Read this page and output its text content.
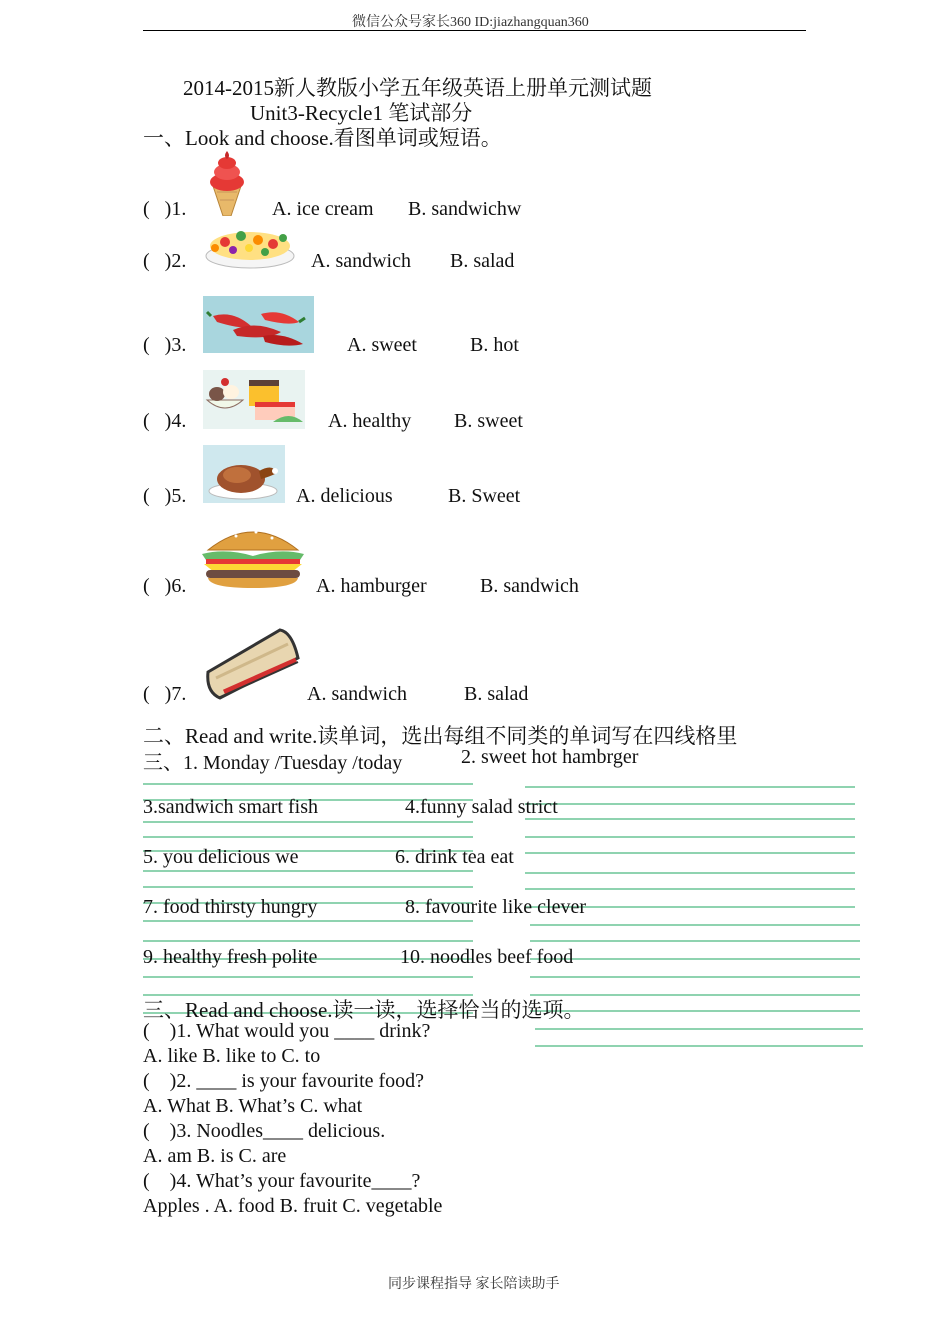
微信公众号家长360 ID:jiazhangquan360
2014-2015新人教版小学五年级英语上册单元测试题
Unit3-Recycle1 笔试部分
一、Look and choose.看图单词或短语。
(   )1.	A. ice cream B. sandwichw
(   )2.	A. sandwich B. salad
(   )3.	A. sweet	B. hot
(   )4.	A. healthy B. sweet
(   )5.	A. delicious	B. Sweet
(   )6.	A. hamburger	B. sandwich
(   )7.	A. sandwich	B. salad
二、Read and write.读单词，选出每组不同类的单词写在四线格里
三、1. Monday /Tuesday /today	2. sweet hot hambrger
3.sandwich smart fish	4.funny salad strict
5. you delicious we	6. drink tea eat
7. food thirsty hungry	8. favourite like clever
9. healthy fresh polite	10. noodles beef food
三、Read and choose.读一读，选择恰当的选项。
(    )1. What would you ____ drink?
A. like B. like to C. to
(    )2. ____ is your favourite food?
A. What B. What’s C. what
(    )3. Noodles____ delicious.
A. am B. is C. are
(    )4. What’s your favourite____?
Apples . A. food B. fruit C. vegetable
同步课程指导 家长陪读助手
